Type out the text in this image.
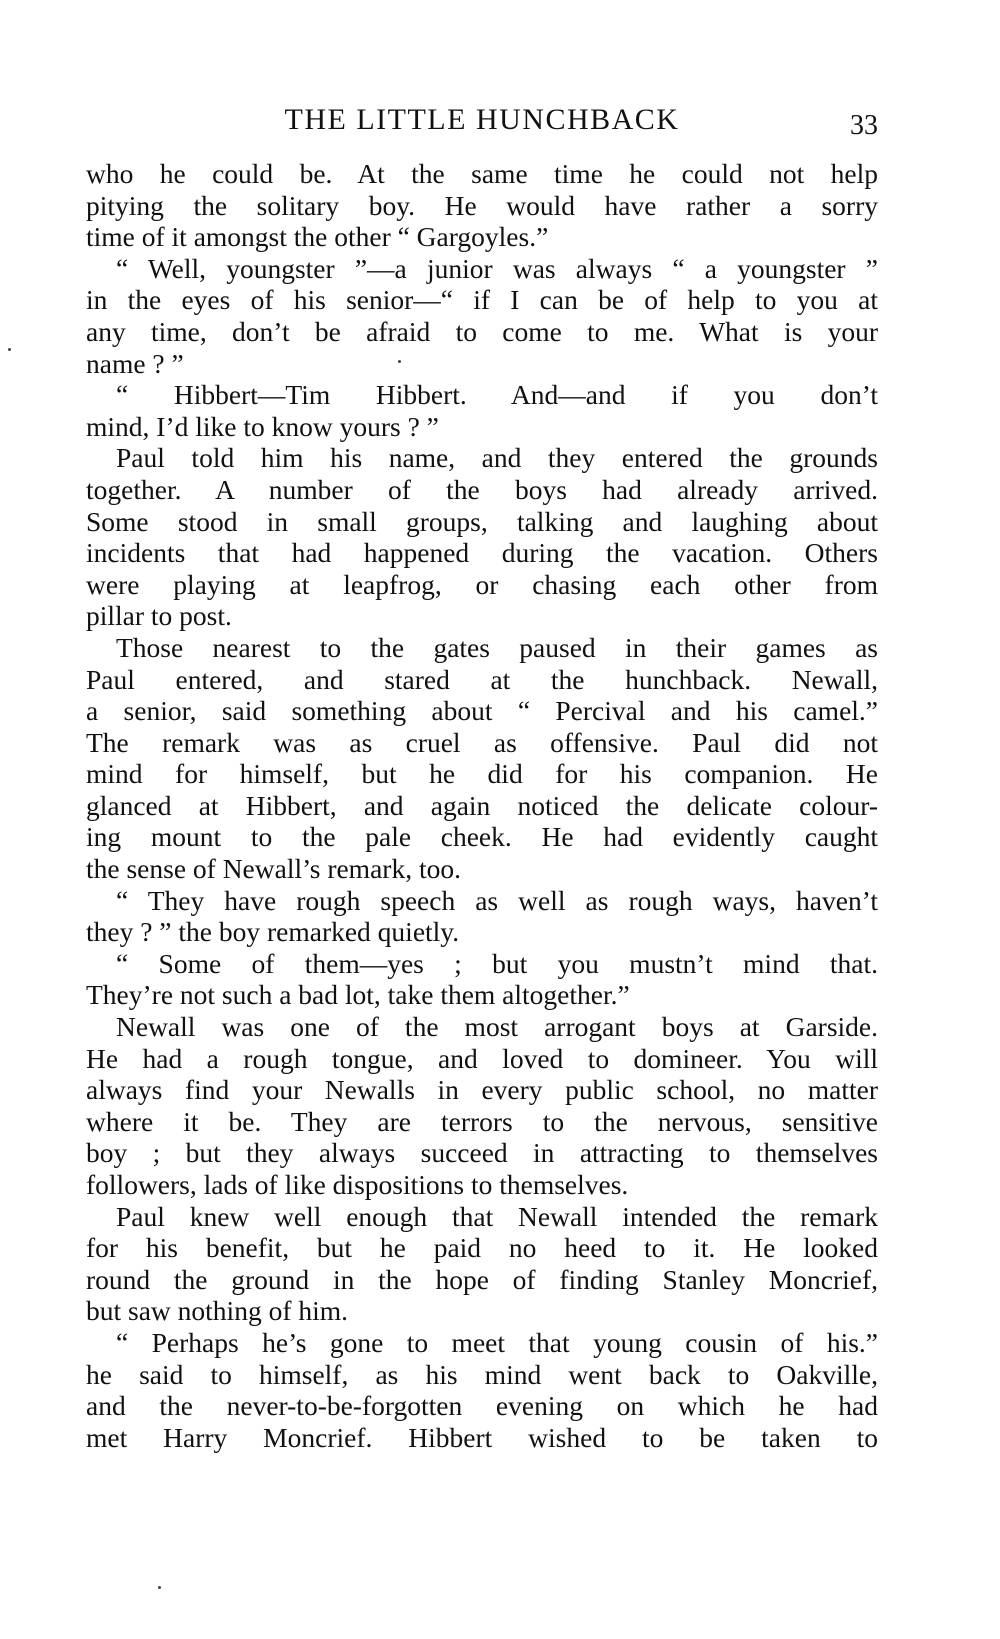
THE LITTLE HUNCHBACK	33
who he could be. At the same time he could not help
pitying the solitary boy. He would have rather a sorry
time of it amongst the other “ Gargoyles.”
“ Well, youngster ”—a junior was always “ a youngster ”
in the eyes of his senior—“ if I can be of help to you at
any time, don’t be afraid to come to me. What is your
name ? ”
“ Hibbert—Tim Hibbert. And—and if you don’t
mind, I’d like to know yours ? ”
Paul told him his name, and they entered the grounds
together. A number of the boys had already arrived.
Some stood in small groups, talking and laughing about
incidents that had happened during the vacation. Others
were playing at leapfrog, or chasing each other from
pillar to post.
Those nearest to the gates paused in their games as
Paul entered, and stared at the hunchback. Newall,
a senior, said something about “ Percival and his camel.”
The remark was as cruel as offensive. Paul did not
mind for himself, but he did for his companion. He
glanced at Hibbert, and again noticed the delicate colour-
ing mount to the pale cheek. He had evidently caught
the sense of Newall’s remark, too.
“ They have rough speech as well as rough ways, haven’t
they ? ” the boy remarked quietly.
“ Some of them—yes ; but you mustn’t mind that.
They’re not such a bad lot, take them altogether.”
Newall was one of the most arrogant boys at Garside.
He had a rough tongue, and loved to domineer. You will
always find your Newalls in every public school, no matter
where it be. They are terrors to the nervous, sensitive
boy ; but they always succeed in attracting to themselves
followers, lads of like dispositions to themselves.
Paul knew well enough that Newall intended the remark
for his benefit, but he paid no heed to it. He looked
round the ground in the hope of finding Stanley Moncrief,
but saw nothing of him.
“ Perhaps he’s gone to meet that young cousin of his.”
he said to himself, as his mind went back to Oakville,
and the never-to-be-forgotten evening on which he had
met Harry Moncrief. Hibbert wished to be taken to
